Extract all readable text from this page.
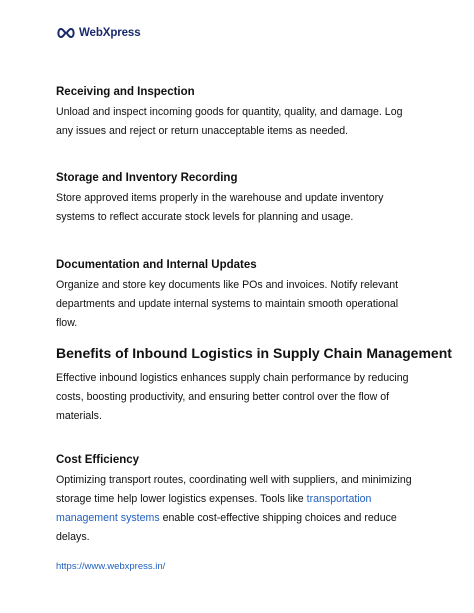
WebXpress
Receiving and Inspection

Unload and inspect incoming goods for quantity, quality, and damage. Log any issues and reject or return unacceptable items as needed.

Storage and Inventory Recording

Store approved items properly in the warehouse and update inventory systems to reflect accurate stock levels for planning and usage.

Documentation and Internal Updates

Organize and store key documents like POs and invoices. Notify relevant departments and update internal systems to maintain smooth operational flow.

Benefits of Inbound Logistics in Supply Chain Management

Effective inbound logistics enhances supply chain performance by reducing costs, boosting productivity, and ensuring better control over the flow of materials.

Cost Efficiency

Optimizing transport routes, coordinating well with suppliers, and minimizing storage time help lower logistics expenses. Tools like transportation management systems enable cost-effective shipping choices and reduce delays.

https://www.webxpress.in/
